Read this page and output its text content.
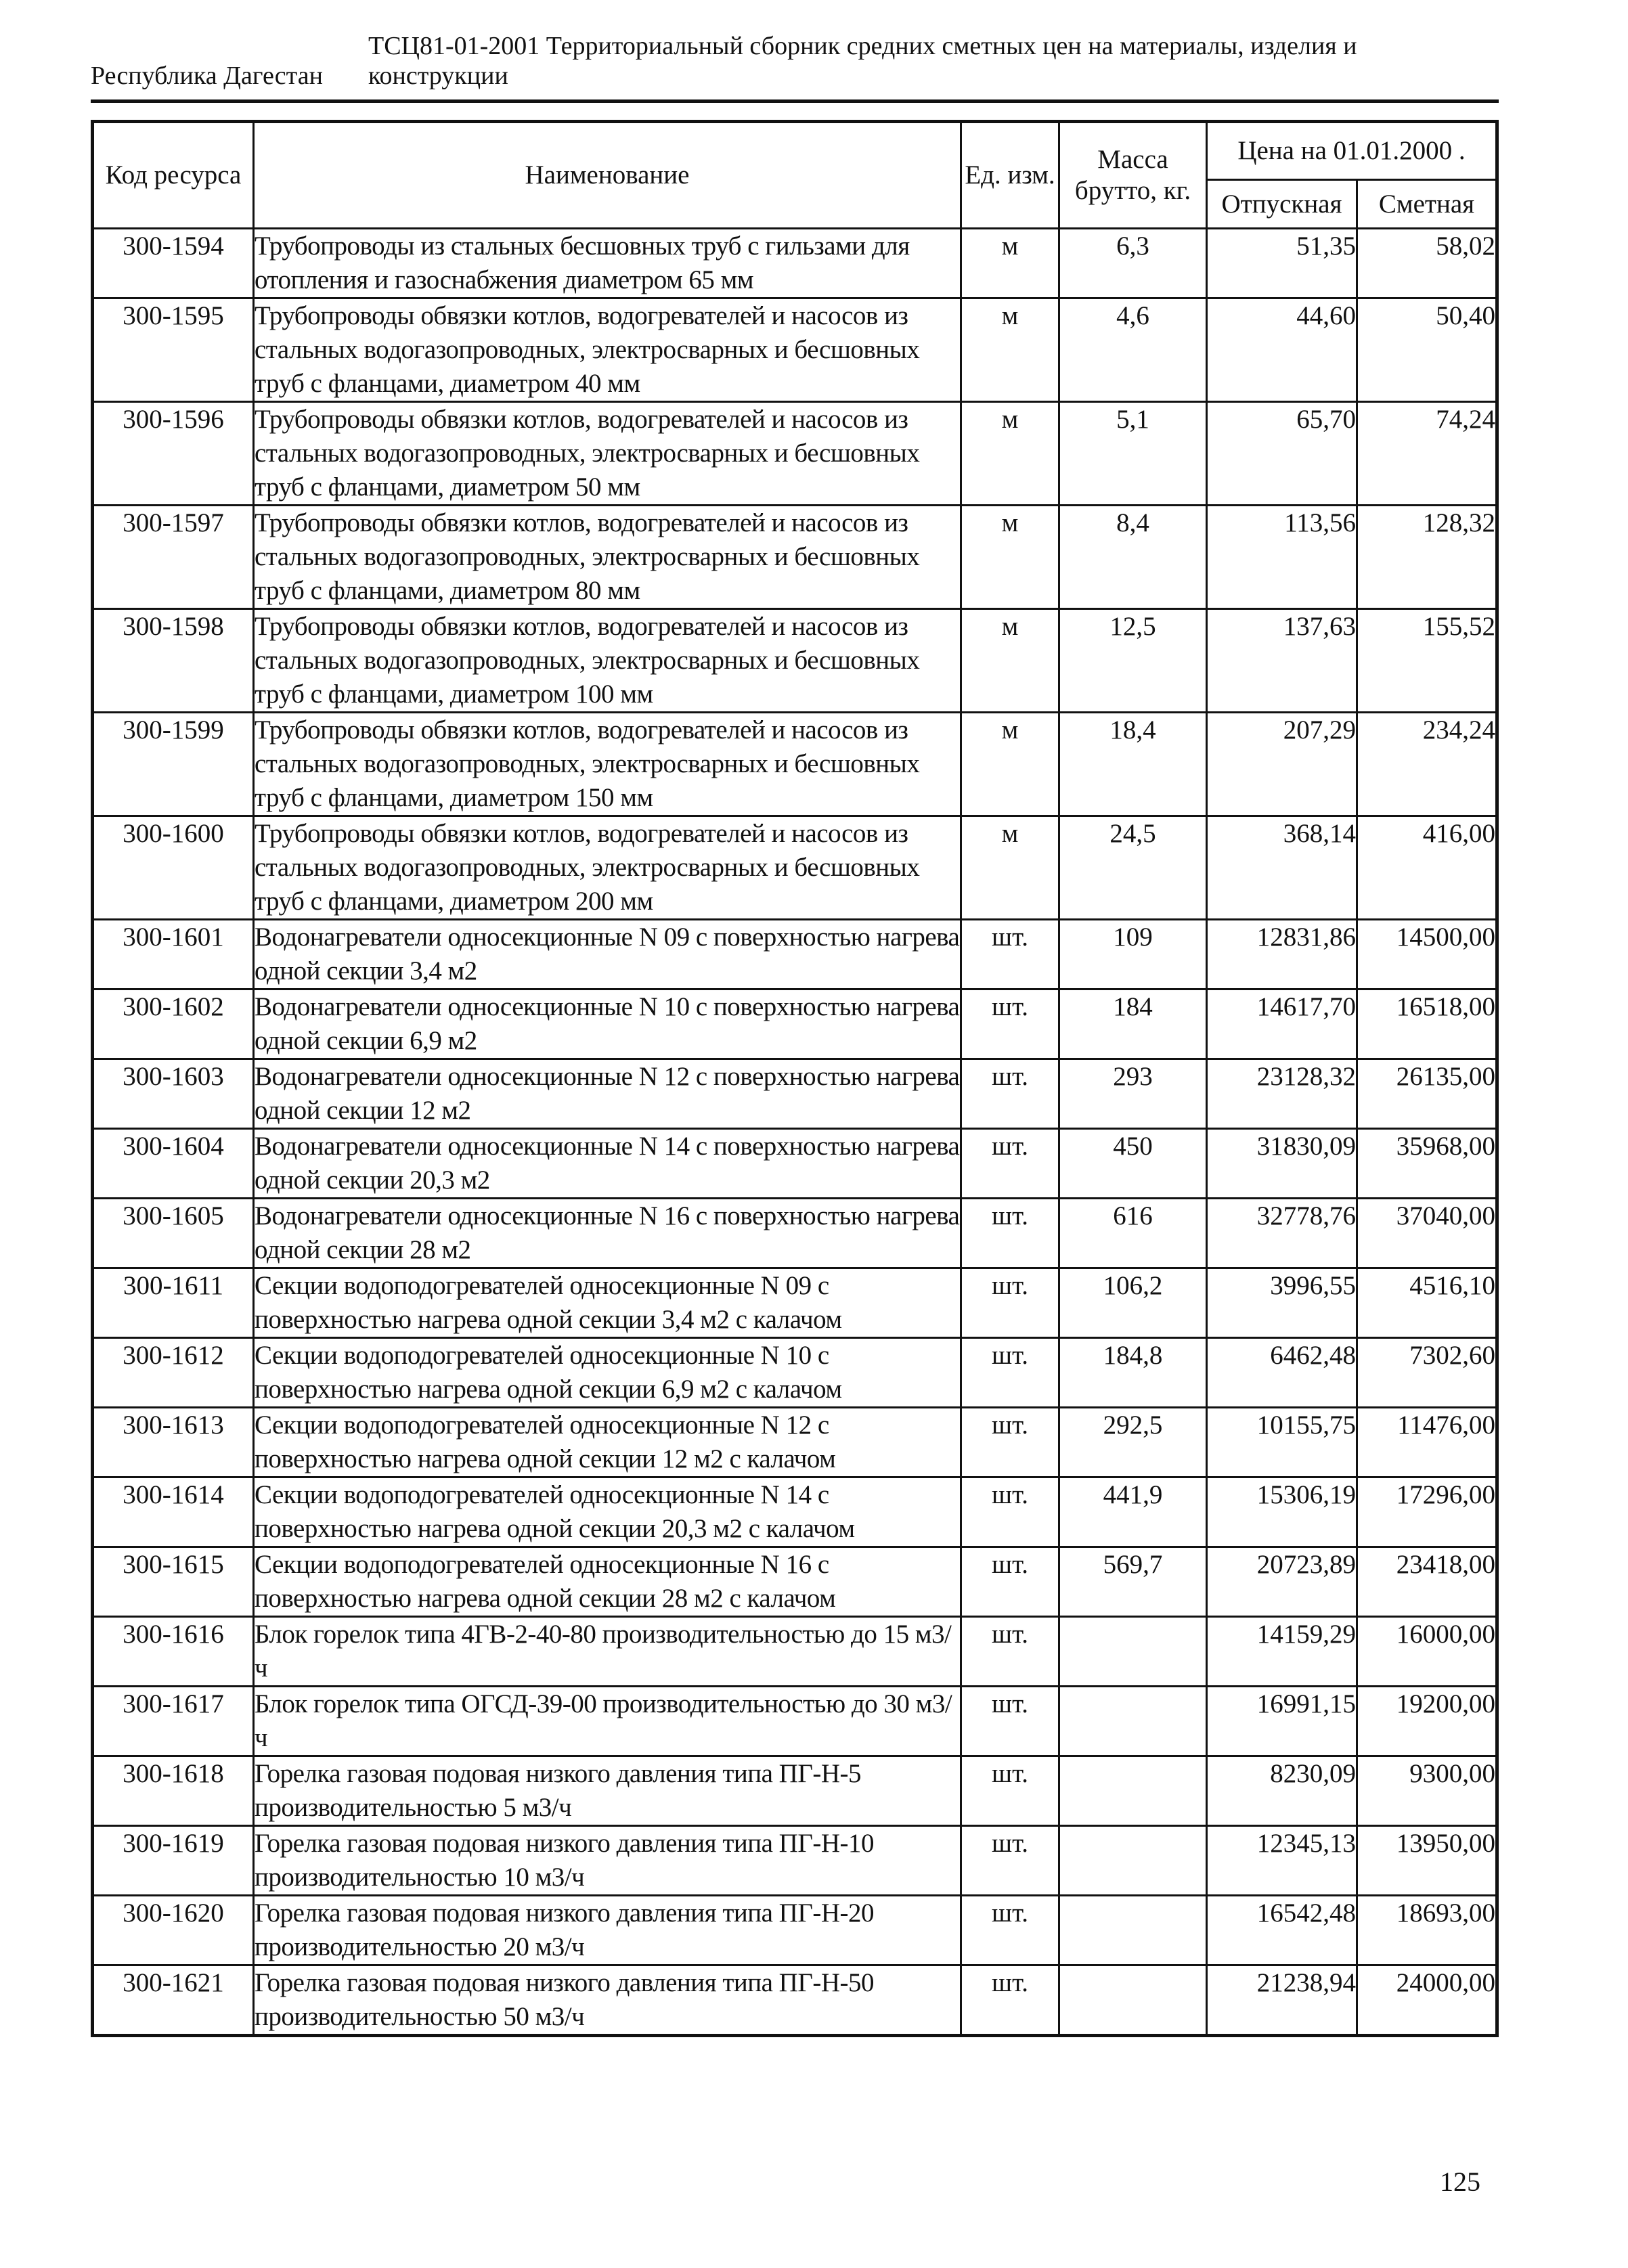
Республика Дагестан
ТСЦ81-01-2001 Территориальный сборник средних сметных цен на материалы, изделия и конструкции
Код ресурса	Наименование	Ед. изм.	Масса брутто, кг.	Цена на 01.01.2000 .	
				Отпускная	Сметная
300-1594	Трубопроводы из стальных бесшовных труб с гильзами для отопления и газоснабжения диаметром 65 мм	м	6,3	51,35	58,02
300-1595	Трубопроводы обвязки котлов, водогревателей и насосов из стальных водогазопроводных, электросварных и бесшовных труб с фланцами, диаметром 40 мм	м	4,6	44,60	50,40
300-1596	Трубопроводы обвязки котлов, водогревателей и насосов из стальных водогазопроводных, электросварных и бесшовных труб с фланцами, диаметром 50 мм	м	5,1	65,70	74,24
300-1597	Трубопроводы обвязки котлов, водогревателей и насосов из стальных водогазопроводных, электросварных и бесшовных труб с фланцами, диаметром 80 мм	м	8,4	113,56	128,32
300-1598	Трубопроводы обвязки котлов, водогревателей и насосов из стальных водогазопроводных, электросварных и бесшовных труб с фланцами, диаметром 100 мм	м	12,5	137,63	155,52
300-1599	Трубопроводы обвязки котлов, водогревателей и насосов из стальных водогазопроводных, электросварных и бесшовных труб с фланцами, диаметром 150 мм	м	18,4	207,29	234,24
300-1600	Трубопроводы обвязки котлов, водогревателей и насосов из стальных водогазопроводных, электросварных и бесшовных труб с фланцами, диаметром 200 мм	м	24,5	368,14	416,00
300-1601	Водонагреватели односекционные N 09 с поверхностью нагрева одной секции 3,4 м2	шт.	109	12831,86	14500,00
300-1602	Водонагреватели односекционные N 10 с поверхностью нагрева одной секции 6,9 м2	шт.	184	14617,70	16518,00
300-1603	Водонагреватели односекционные N 12 с поверхностью нагрева одной секции 12 м2	шт.	293	23128,32	26135,00
300-1604	Водонагреватели односекционные N 14 с поверхностью нагрева одной секции 20,3 м2	шт.	450	31830,09	35968,00
300-1605	Водонагреватели односекционные N 16 с поверхностью нагрева одной секции 28 м2	шт.	616	32778,76	37040,00
300-1611	Секции водоподогревателей односекционные N 09 с поверхностью нагрева одной секции 3,4 м2 с калачом	шт.	106,2	3996,55	4516,10
300-1612	Секции водоподогревателей односекционные N 10 с поверхностью нагрева одной секции 6,9 м2 с калачом	шт.	184,8	6462,48	7302,60
300-1613	Секции водоподогревателей односекционные N 12 с поверхностью нагрева одной секции 12 м2 с калачом	шт.	292,5	10155,75	11476,00
300-1614	Секции водоподогревателей односекционные N 14 с поверхностью нагрева одной секции 20,3 м2 с калачом	шт.	441,9	15306,19	17296,00
300-1615	Секции водоподогревателей односекционные N 16 с поверхностью нагрева одной секции 28 м2 с калачом	шт.	569,7	20723,89	23418,00
300-1616	Блок горелок типа 4ГВ-2-40-80 производительностью до 15 м3/ч	шт.		14159,29	16000,00
300-1617	Блок горелок типа ОГСД-39-00 производительностью до 30 м3/ч	шт.		16991,15	19200,00
300-1618	Горелка газовая подовая низкого давления типа ПГ-Н-5 производительностью 5 м3/ч	шт.		8230,09	9300,00
300-1619	Горелка газовая подовая низкого давления типа ПГ-Н-10 производительностью 10 м3/ч	шт.		12345,13	13950,00
300-1620	Горелка газовая подовая низкого давления типа ПГ-Н-20 производительностью 20 м3/ч	шт.		16542,48	18693,00
300-1621	Горелка газовая подовая низкого давления типа ПГ-Н-50 производительностью 50 м3/ч	шт.		21238,94	24000,00
125
